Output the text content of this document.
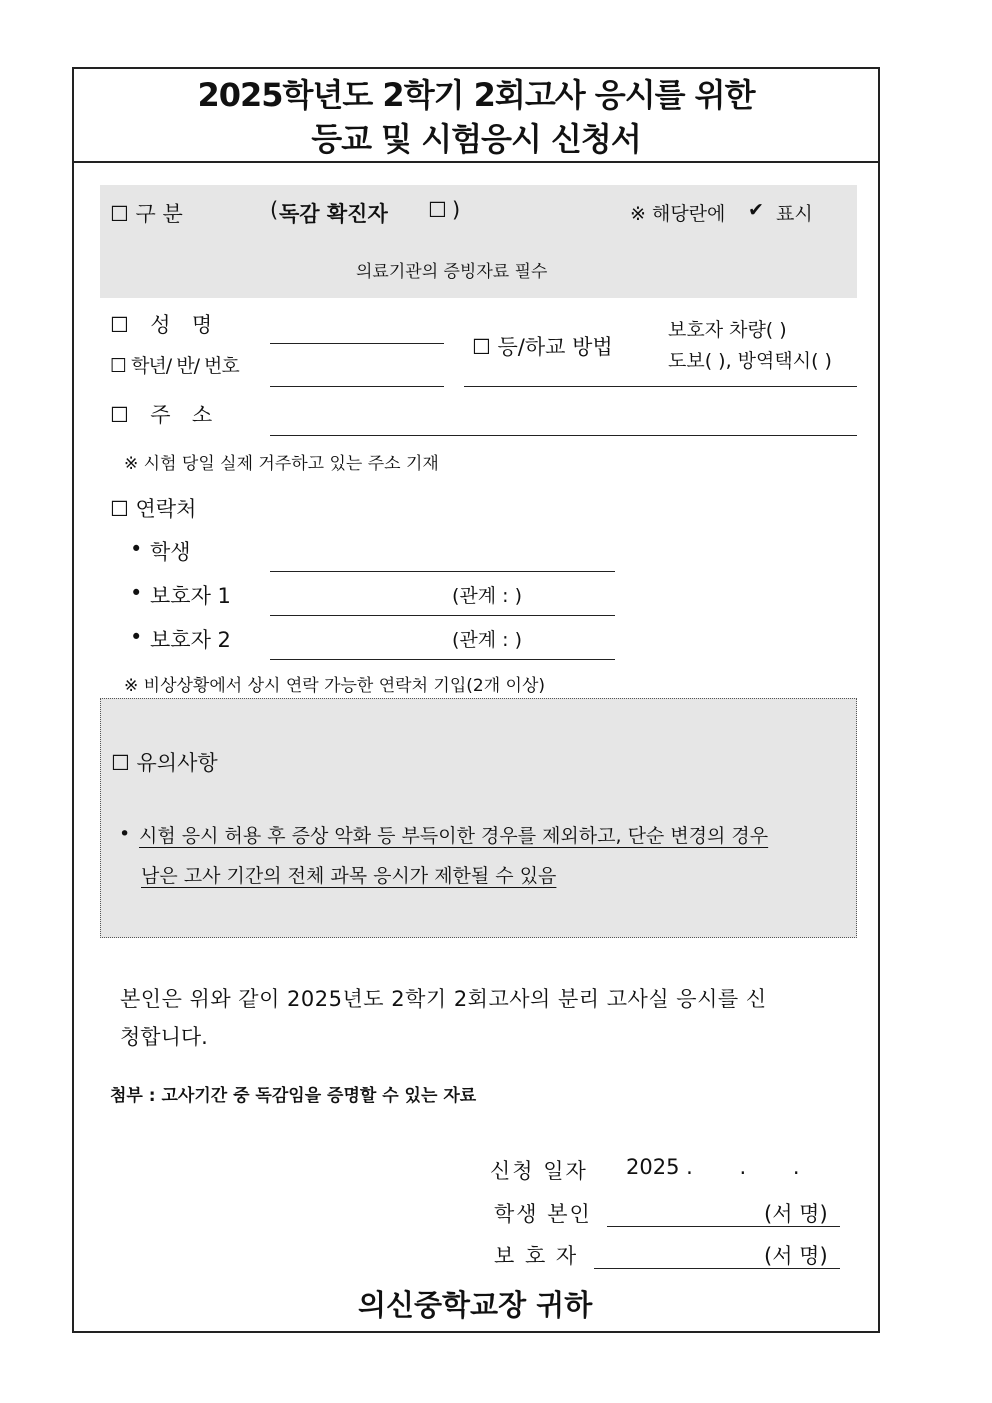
2025학년도 2학기 2회고사 응시를 위한
등교 및 시험응시 신청서
☐ 구 분	( 독감 확진자 ☐ )	※ 해당란에 ✔ 표시
의료기관의 증빙자료 필수
☐ 성 명
☐ 학년/ 반/ 번호
☐ 등/하교 방법
보호자 차량( )
도보( ), 방역택시( )
☐ 주 소
※ 시험 당일 실제 거주하고 있는 주소 기재
☐ 연락처
• 학생
• 보호자 1	(관계 : )
• 보호자 2	(관계 : )
※ 비상상황에서 상시 연락 가능한 연락처 기입(2개 이상)
☐ 유의사항
• 시험 응시 허용 후 증상 악화 등 부득이한 경우를 제외하고, 단순 변경의 경우
남은 고사 기간의 전체 과목 응시가 제한될 수 있음
본인은 위와 같이 2025년도 2학기 2회고사의 분리 고사실 응시를 신
청합니다.
첨부 : 고사기간 중 독감임을 증명할 수 있는 자료
신청 일자 2025 .       .       .
학생 본인	(서 명)
보 호 자	(서 명)
의신중학교장 귀하
